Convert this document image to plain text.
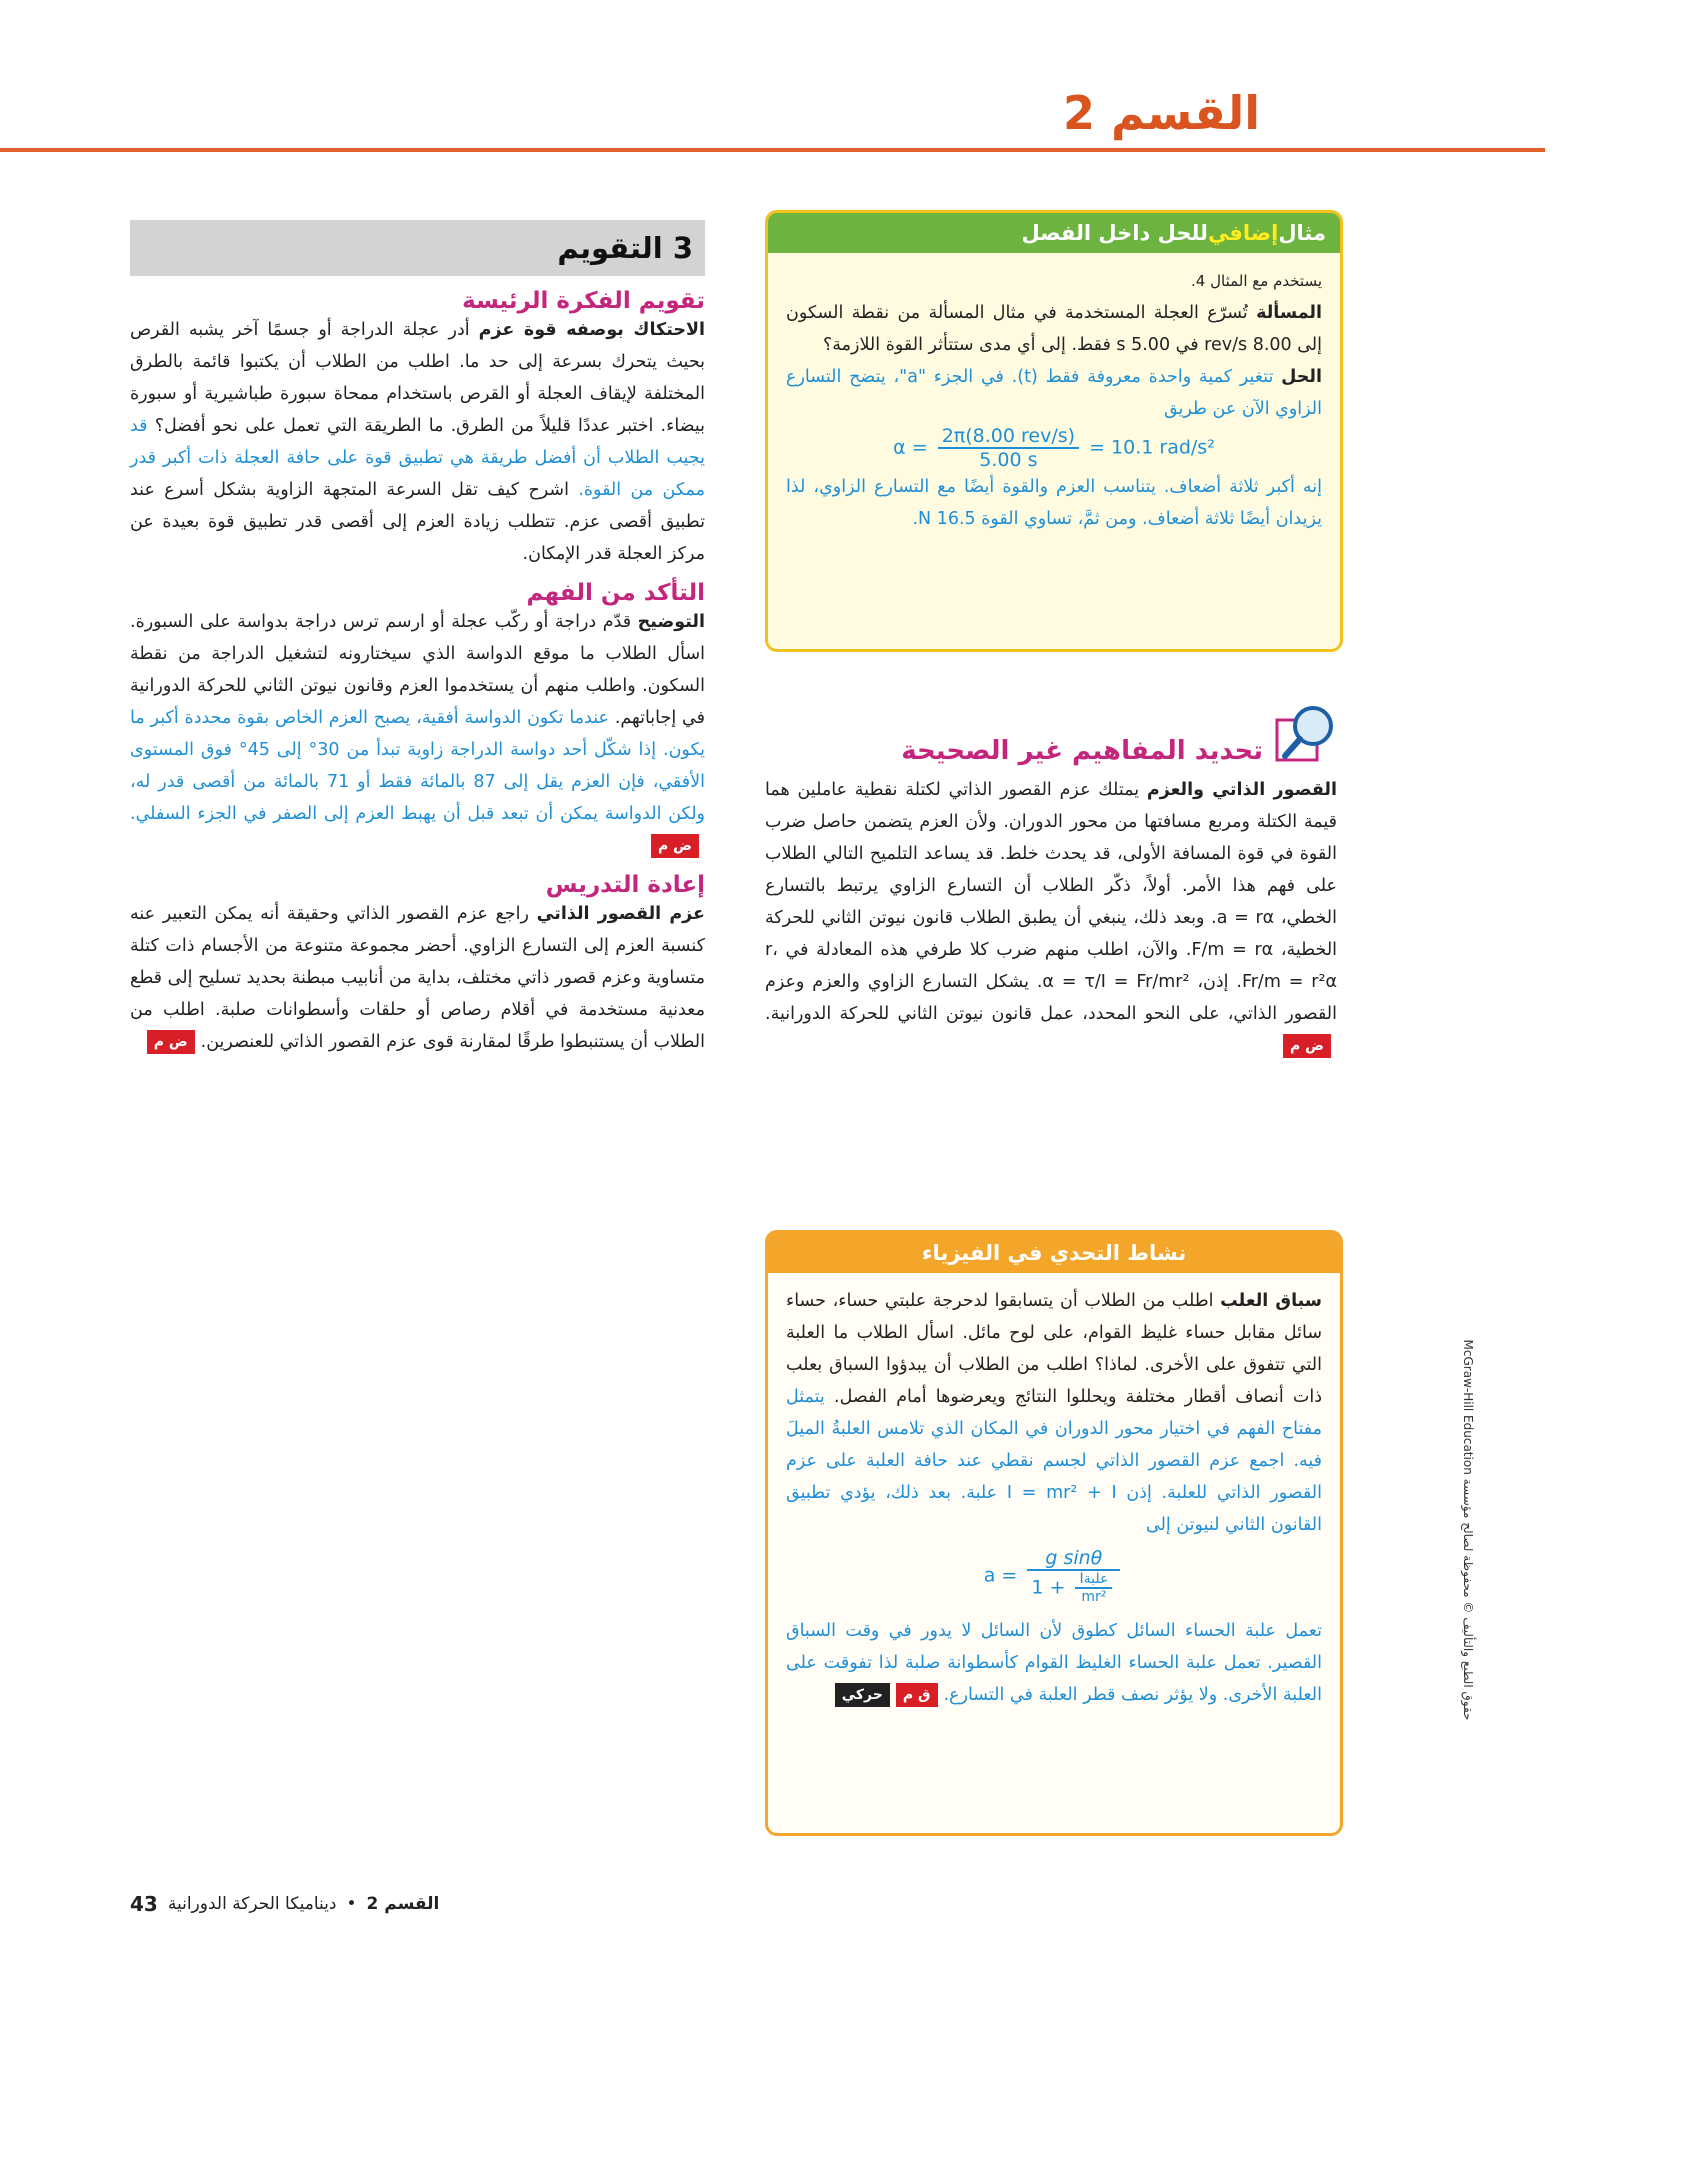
القسم 2
مثال
إضافي
للحل داخل الفصل

يستخدم مع المثال 4.

المسألة تُسرّع العجلة المستخدمة في مثال المسألة من نقطة السكون إلى 8.00 rev/s في 5.00 s فقط. إلى أي مدى ستتأثر القوة اللازمة؟

الحل تتغير كمية واحدة معروفة فقط (t). في الجزء "a"، يتضح التسارع الزاوي الآن عن طريق

$\alpha = \frac{\text{2π(8.00 rev/s)}}{5.00 s} = 10.1$ rad/s²

إنه أكبر ثلاثة أضعاف. يتناسب العزم والقوة أيضًا مع التسارع الزاوي، لذا يزيدان أيضًا ثلاثة أضعاف. ومن ثمَّ، تساوي القوة 16.5 N.

تحديد المفاهيم غير الصحيحة

القصور الذاتي والعزم يمتلك عزم القصور الذاتي لكتلة نقطية عاملين هما قيمة الكتلة ومربع مسافتها من محور الدوران. ولأن العزم يتضمن حاصل ضرب القوة في قوة المسافة الأولى، قد يحدث خلط. قد يساعد التلميح التالي الطلاب على فهم هذا الأمر. أولاً، ذكّر الطلاب أن التسارع الزاوي يرتبط بالتسارع الخطي، a = rα. وبعد ذلك، ينبغي أن يطبق الطلاب قانون نيوتن الثاني للحركة الخطية، F/m = rα. والآن، اطلب منهم ضرب كلا طرفي هذه المعادلة في r، Fr/m = r²α. إذن، α = τ/I = Fr/mr². يشكل التسارع الزاوي والعزم وعزم القصور الذاتي، على النحو المحدد، عمل قانون نيوتن الثاني للحركة الدورانية.ض م

نشاط التحدي في الفيزياء

سباق العلب اطلب من الطلاب أن يتسابقوا لدحرجة علبتي حساء، حساء سائل مقابل حساء غليظ القوام، على لوح مائل. اسأل الطلاب ما العلبة التي تتفوق على الأخرى. لماذا؟ اطلب من الطلاب أن يبدؤوا السباق بعلب ذات أنصاف أقطار مختلفة ويحللوا النتائج ويعرضوها أمام الفصل. يتمثل مفتاح الفهم في اختيار محور الدوران في المكان الذي تلامس العلبةُ الميلَ فيه. اجمع عزم القصور الذاتي لجسم نقطي عند حافة العلبة على عزم القصور الذاتي للعلبة. إذن I = mr² + I علبة. بعد ذلك، يؤدي تطبيق القانون الثاني لنيوتن إلى

$a = \frac{\text{g sinθ}}{1 + \frac{\text{Iعلبة}}{\text{mr²}}}$

تعمل علبة الحساء السائل كطوق لأن السائل لا يدور في وقت السباق القصير. تعمل علبة الحساء الغليظ القوام كأسطوانة صلبة لذا تفوقت على العلبة الأخرى. ولا يؤثر نصف قطر العلبة في التسارع.ق محركي

حقوق الطبع والتأليف © محفوظة لصالح مؤسسة McGraw-Hill Education
3 التقويم

تقويم الفكرة الرئيسة

الاحتكاك بوصفه قوة عزم أدر عجلة الدراجة أو جسمًا آخر يشبه القرص بحيث يتحرك بسرعة إلى حد ما. اطلب من الطلاب أن يكتبوا قائمة بالطرق المختلفة لإيقاف العجلة أو القرص باستخدام ممحاة سبورة طباشيرية أو سبورة بيضاء. اختبر عددًا قليلاً من الطرق. ما الطريقة التي تعمل على نحو أفضل؟ قد يجيب الطلاب أن أفضل طريقة هي تطبيق قوة على حافة العجلة ذات أكبر قدر ممكن من القوة. اشرح كيف تقل السرعة المتجهة الزاوية بشكل أسرع عند تطبيق أقصى عزم. تتطلب زيادة العزم إلى أقصى قدر تطبيق قوة بعيدة عن مركز العجلة قدر الإمكان.

التأكد من الفهم

التوضيح قدّم دراجة أو ركّب عجلة أو ارسم ترس دراجة بدواسة على السبورة. اسأل الطلاب ما موقع الدواسة الذي سيختارونه لتشغيل الدراجة من نقطة السكون. واطلب منهم أن يستخدموا العزم وقانون نيوتن الثاني للحركة الدورانية في إجاباتهم. عندما تكون الدواسة أفقية، يصبح العزم الخاص بقوة محددة أكبر ما يكون. إذا شكّل أحد دواسة الدراجة زاوية تبدأ من 30° إلى 45° فوق المستوى الأفقي، فإن العزم يقل إلى 87 بالمائة فقط أو 71 بالمائة من أقصى قدر له، ولكن الدواسة يمكن أن تبعد قبل أن يهبط العزم إلى الصفر في الجزء السفلي.ض م

إعادة التدريس

عزم القصور الذاتي راجع عزم القصور الذاتي وحقيقة أنه يمكن التعبير عنه كنسبة العزم إلى التسارع الزاوي. أحضر مجموعة متنوعة من الأجسام ذات كتلة متساوية وعزم قصور ذاتي مختلف، بداية من أنابيب مبطنة بحديد تسليح إلى قطع معدنية مستخدمة في أقلام رصاص أو حلقات وأسطوانات صلبة. اطلب من الطلاب أن يستنبطوا طرقًا لمقارنة قوى عزم القصور الذاتي للعنصرين.ض م

43 ديناميكا الحركة الدورانية • القسم 2
